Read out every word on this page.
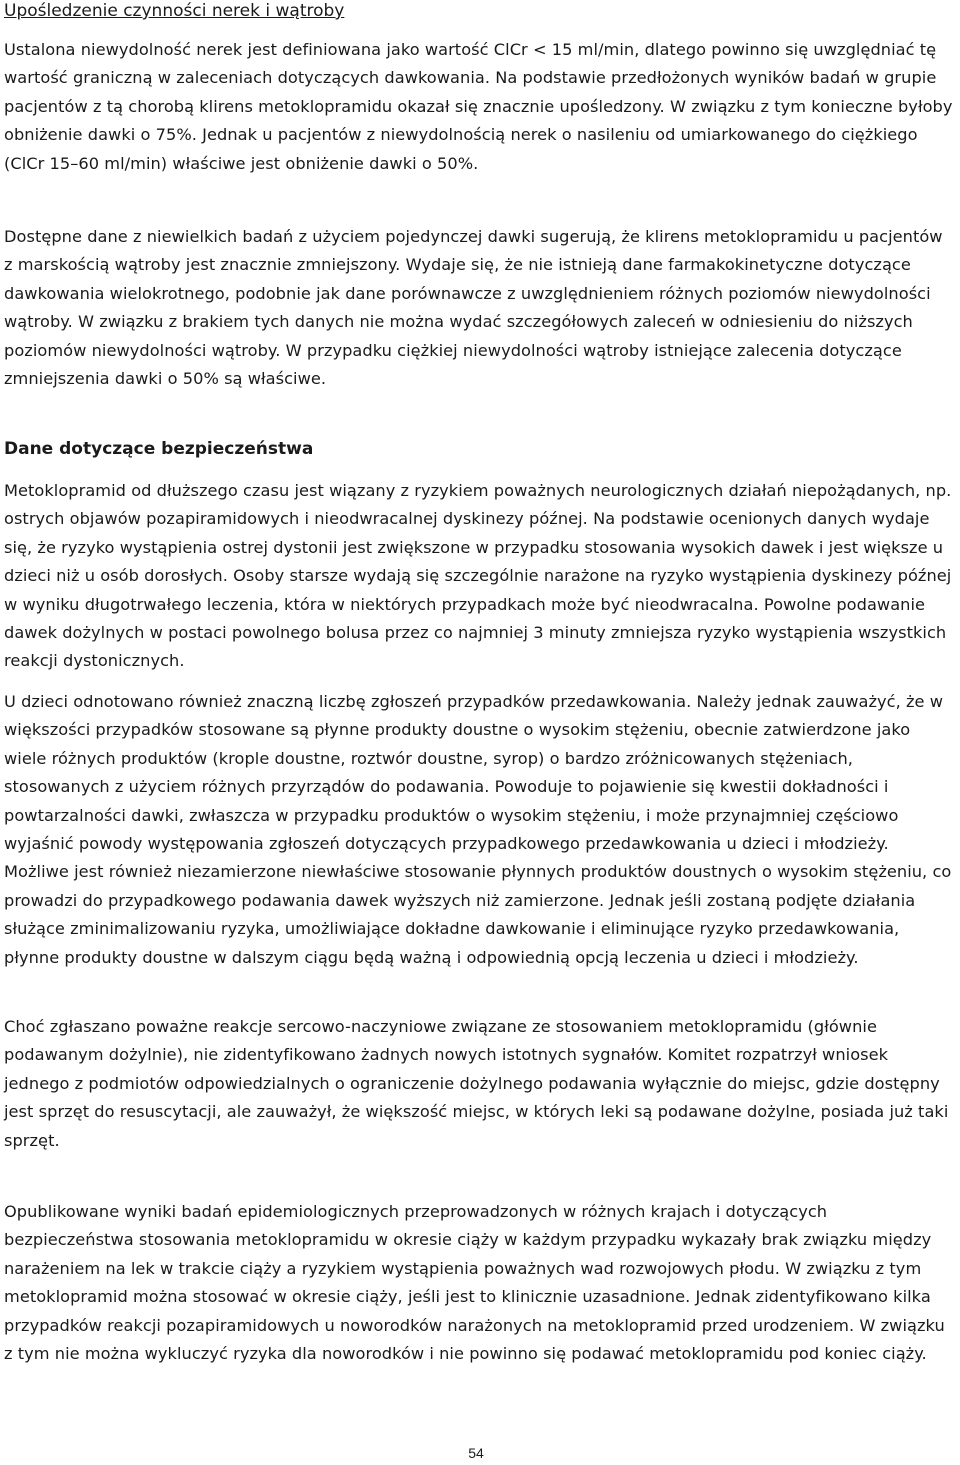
Upośledzenie czynności nerek i wątroby

Ustalona niewydolność nerek jest definiowana jako wartość ClCr < 15 ml/min, dlatego powinno się uwzględniać tę wartość graniczną w zaleceniach dotyczących dawkowania. Na podstawie przedłożonych wyników badań w grupie pacjentów z tą chorobą klirens metoklopramidu okazał się znacznie upośledzony. W związku z tym konieczne byłoby obniżenie dawki o 75%. Jednak u pacjentów z niewydolnością nerek o nasileniu od umiarkowanego do ciężkiego (ClCr 15–60 ml/min) właściwe jest obniżenie dawki o 50%.

Dostępne dane z niewielkich badań z użyciem pojedynczej dawki sugerują, że klirens metoklopramidu u pacjentów z marskością wątroby jest znacznie zmniejszony. Wydaje się, że nie istnieją dane farmakokinetyczne dotyczące dawkowania wielokrotnego, podobnie jak dane porównawcze z uwzględnieniem różnych poziomów niewydolności wątroby. W związku z brakiem tych danych nie można wydać szczegółowych zaleceń w odniesieniu do niższych poziomów niewydolności wątroby. W przypadku ciężkiej niewydolności wątroby istniejące zalecenia dotyczące zmniejszenia dawki o 50% są właściwe.

Dane dotyczące bezpieczeństwa

Metoklopramid od dłuższego czasu jest wiązany z ryzykiem poważnych neurologicznych działań niepożądanych, np. ostrych objawów pozapiramidowych i nieodwracalnej dyskinezy późnej. Na podstawie ocenionych danych wydaje się, że ryzyko wystąpienia ostrej dystonii jest zwiększone w przypadku stosowania wysokich dawek i jest większe u dzieci niż u osób dorosłych. Osoby starsze wydają się szczególnie narażone na ryzyko wystąpienia dyskinezy późnej w wyniku długotrwałego leczenia, która w niektórych przypadkach może być nieodwracalna. Powolne podawanie dawek dożylnych w postaci powolnego bolusa przez co najmniej 3 minuty zmniejsza ryzyko wystąpienia wszystkich reakcji dystonicznych.

U dzieci odnotowano również znaczną liczbę zgłoszeń przypadków przedawkowania. Należy jednak zauważyć, że w większości przypadków stosowane są płynne produkty doustne o wysokim stężeniu, obecnie zatwierdzone jako wiele różnych produktów (krople doustne, roztwór doustne, syrop) o bardzo zróżnicowanych stężeniach, stosowanych z użyciem różnych przyrządów do podawania. Powoduje to pojawienie się kwestii dokładności i powtarzalności dawki, zwłaszcza w przypadku produktów o wysokim stężeniu, i może przynajmniej częściowo wyjaśnić powody występowania zgłoszeń dotyczących przypadkowego przedawkowania u dzieci i młodzieży. Możliwe jest również niezamierzone niewłaściwe stosowanie płynnych produktów doustnych o wysokim stężeniu, co prowadzi do przypadkowego podawania dawek wyższych niż zamierzone. Jednak jeśli zostaną podjęte działania służące zminimalizowaniu ryzyka, umożliwiające dokładne dawkowanie i eliminujące ryzyko przedawkowania, płynne produkty doustne w dalszym ciągu będą ważną i odpowiednią opcją leczenia u dzieci i młodzieży.

Choć zgłaszano poważne reakcje sercowo-naczyniowe związane ze stosowaniem metoklopramidu (głównie podawanym dożylnie), nie zidentyfikowano żadnych nowych istotnych sygnałów. Komitet rozpatrzył wniosek jednego z podmiotów odpowiedzialnych o ograniczenie dożylnego podawania wyłącznie do miejsc, gdzie dostępny jest sprzęt do resuscytacji, ale zauważył, że większość miejsc, w których leki są podawane dożylne, posiada już taki sprzęt.

Opublikowane wyniki badań epidemiologicznych przeprowadzonych w różnych krajach i dotyczących bezpieczeństwa stosowania metoklopramidu w okresie ciąży w każdym przypadku wykazały brak związku między narażeniem na lek w trakcie ciąży a ryzykiem wystąpienia poważnych wad rozwojowych płodu. W związku z tym metoklopramid można stosować w okresie ciąży, jeśli jest to klinicznie uzasadnione. Jednak zidentyfikowano kilka przypadków reakcji pozapiramidowych u noworodków narażonych na metoklopramid przed urodzeniem. W związku z tym nie można wykluczyć ryzyka dla noworodków i nie powinno się podawać metoklopramidu pod koniec ciąży.

54
